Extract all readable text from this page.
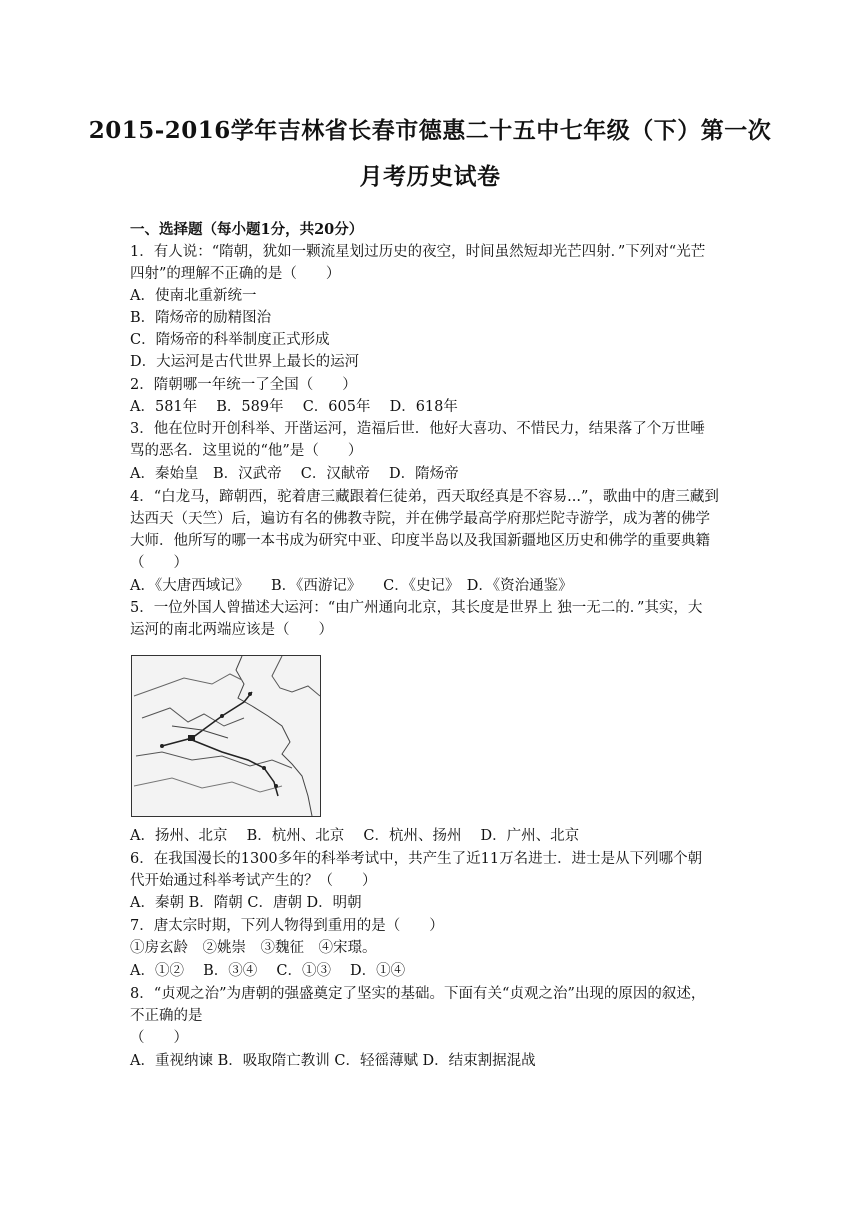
2015-2016学年吉林省长春市德惠二十五中七年级（下）第一次
月考历史试卷
一、选择题（每小题1分，共20分）
1．有人说：“隋朝，犹如一颗流星划过历史的夜空，时间虽然短却光芒四射．”下列对“光芒
四射”的理解不正确的是（　　）
A．使南北重新统一
B．隋炀帝的励精图治
C．隋炀帝的科举制度正式形成
D．大运河是古代世界上最长的运河
2．隋朝哪一年统一了全国（　　）
A．581年　 B．589年　 C．605年　 D．618年
3．他在位时开创科举、开凿运河，造福后世．他好大喜功、不惜民力，结果落了个万世唾
骂的恶名．这里说的“他”是（　　）
A．秦始皇　B．汉武帝　 C．汉献帝　 D．隋炀帝
4．“白龙马，蹄朝西，驼着唐三藏跟着仨徒弟，西天取经真是不容易...”，歌曲中的唐三藏到
达西天（天竺）后，遍访有名的佛教寺院，并在佛学最高学府那烂陀寺游学，成为著的佛学
大师．他所写的哪一本书成为研究中亚、印度半岛以及我国新疆地区历史和佛学的重要典籍
（　　）
A．《大唐西域记》　　B．《西游记》　　C．《史记》　D．《资治通鉴》
5．一位外国人曾描述大运河：“由广州通向北京，其长度是世界上 独一无二的．”其实，大
运河的南北两端应该是（　　）
A．扬州、北京　 B．杭州、北京　 C．杭州、扬州　 D．广州、北京
6．在我国漫长的1300多年的科举考试中，共产生了近11万名进士．进士是从下列哪个朝
代开始通过科举考试产生的？（　　）
A．秦朝 B．隋朝 C．唐朝 D．明朝
7．唐太宗时期，下列人物得到重用的是（　　）
①房玄龄　②姚崇　③魏征　④宋璟。
A．①②　 B．③④　 C．①③　 D．①④
8．“贞观之治”为唐朝的强盛奠定了坚实的基础。下面有关“贞观之治”出现的原因的叙述，
不正确的是
（　　）
A．重视纳谏 B．吸取隋亡教训 C．轻徭薄赋 D．结束割据混战
